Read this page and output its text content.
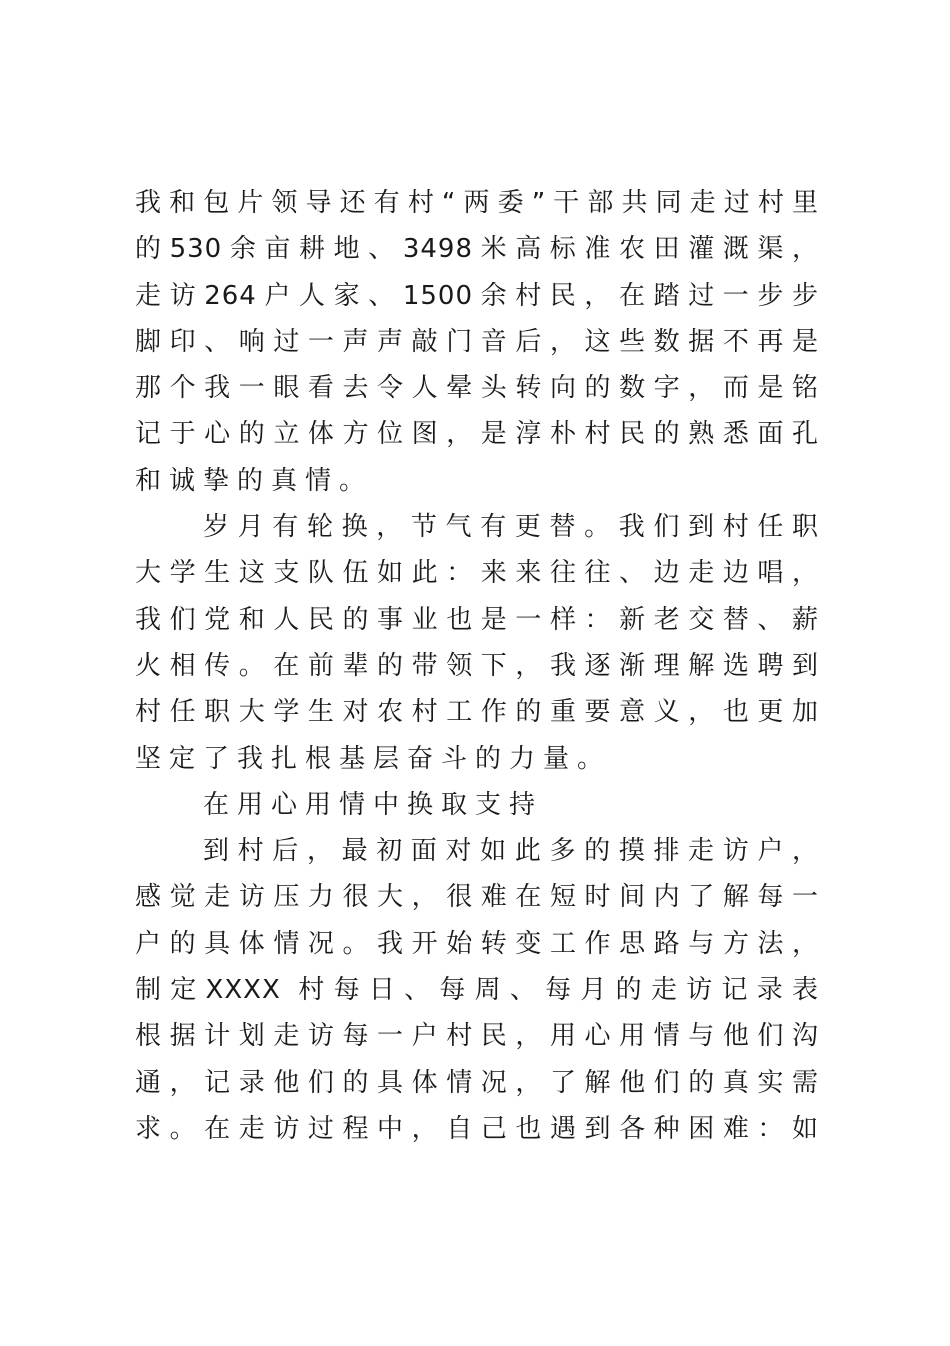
我和包片领导还有村“两委”干部共同走过村里
的530余亩耕地、3498米高标准农田灌溉渠，
走访264户人家、1500余村民，在踏过一步步
脚印、响过一声声敲门音后，这些数据不再是
那个我一眼看去令人晕头转向的数字，而是铭
记于心的立体方位图，是淳朴村民的熟悉面孔
和诚挚的真情。
岁月有轮换，节气有更替。我们到村任职
大学生这支队伍如此：来来往往、边走边唱，
我们党和人民的事业也是一样：新老交替、薪
火相传。在前辈的带领下，我逐渐理解选聘到
村任职大学生对农村工作的重要意义，也更加
坚定了我扎根基层奋斗的力量。
在用心用情中换取支持
到村后，最初面对如此多的摸排走访户，
感觉走访压力很大，很难在短时间内了解每一
户的具体情况。我开始转变工作思路与方法，
制定XXXX 村每日、每周、每月的走访记录表
根据计划走访每一户村民，用心用情与他们沟
通，记录他们的具体情况，了解他们的真实需
求。在走访过程中，自己也遇到各种困难：如
